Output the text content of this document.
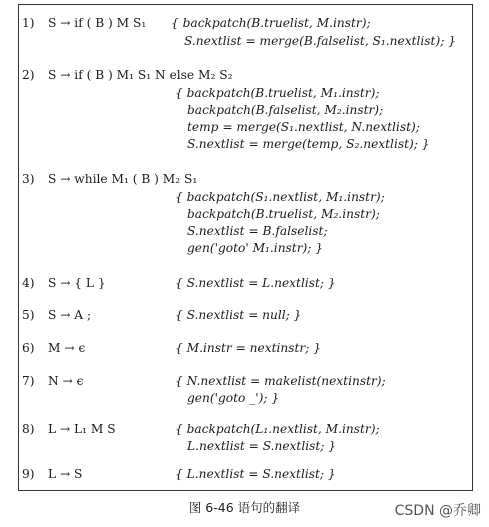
1) S → if ( B ) M S₁ { backpatch(B.truelist, M.instr);
S.nextlist = merge(B.falselist, S₁.nextlist); }
2) S → if ( B ) M₁ S₁ N else M₂ S₂
{ backpatch(B.truelist, M₁.instr);
backpatch(B.falselist, M₂.instr);
temp = merge(S₁.nextlist, N.nextlist);
S.nextlist = merge(temp, S₂.nextlist); }
3) S → while M₁ ( B ) M₂ S₁
{ backpatch(S₁.nextlist, M₁.instr);
backpatch(B.truelist, M₂.instr);
S.nextlist = B.falselist;
gen('goto' M₁.instr); }
4) S → { L }	{ S.nextlist = L.nextlist; }
5) S → A ;	{ S.nextlist = null; }
6) M → ϵ	{ M.instr = nextinstr; }
7) N → ϵ	{ N.nextlist = makelist(nextinstr);
gen('goto _'); }
8) L → L₁ M S	{ backpatch(L₁.nextlist, M.instr);
L.nextlist = S.nextlist; }
9) L → S	{ L.nextlist = S.nextlist; }
图 6-46 语句的翻译	CSDN @乔卿
